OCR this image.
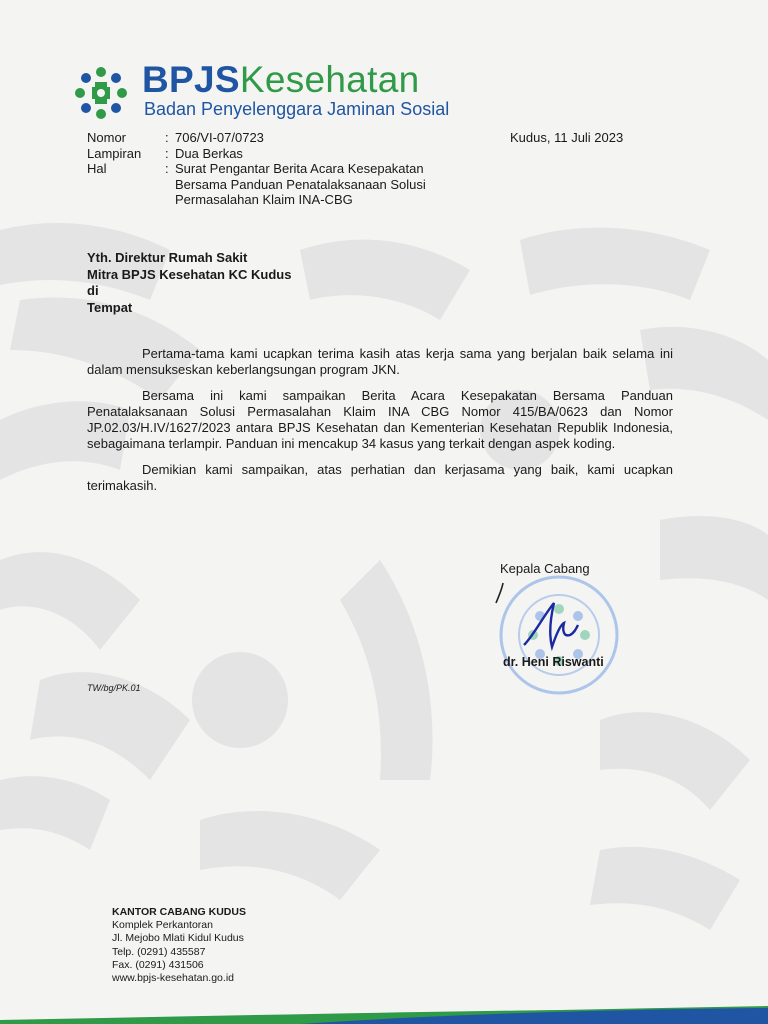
BPJSKesehatan
Badan Penyelenggara Jaminan Sosial
Nomor	: 706/VI-07/0723
Lampiran	: Dua Berkas
Hal	: Surat Pengantar Berita Acara Kesepakatan
Bersama Panduan Penatalaksanaan Solusi
Permasalahan Klaim INA-CBG
Kudus, 11 Juli 2023
Yth. Direktur Rumah Sakit
Mitra BPJS Kesehatan KC Kudus
di
Tempat

Pertama-tama kami ucapkan terima kasih atas kerja sama yang berjalan baik selama ini dalam mensukseskan keberlangsungan program JKN.

Bersama ini kami sampaikan Berita Acara Kesepakatan Bersama Panduan Penatalaksanaan Solusi Permasalahan Klaim INA CBG Nomor 415/BA/0623 dan Nomor JP.02.03/H.IV/1627/2023 antara BPJS Kesehatan dan Kementerian Kesehatan Republik Indonesia, sebagaimana terlampir. Panduan ini mencakup 34 kasus yang terkait dengan aspek koding.

Demikian kami sampaikan, atas perhatian dan kerjasama yang baik, kami ucapkan terimakasih.

Kepala Cabang
dr. Heni Riswanti
TW/bg/PK.01
KANTOR CABANG KUDUS
Komplek Perkantoran
Jl. Mejobo Mlati Kidul Kudus
Telp. (0291) 435587
Fax. (0291) 431506
www.bpjs-kesehatan.go.id
